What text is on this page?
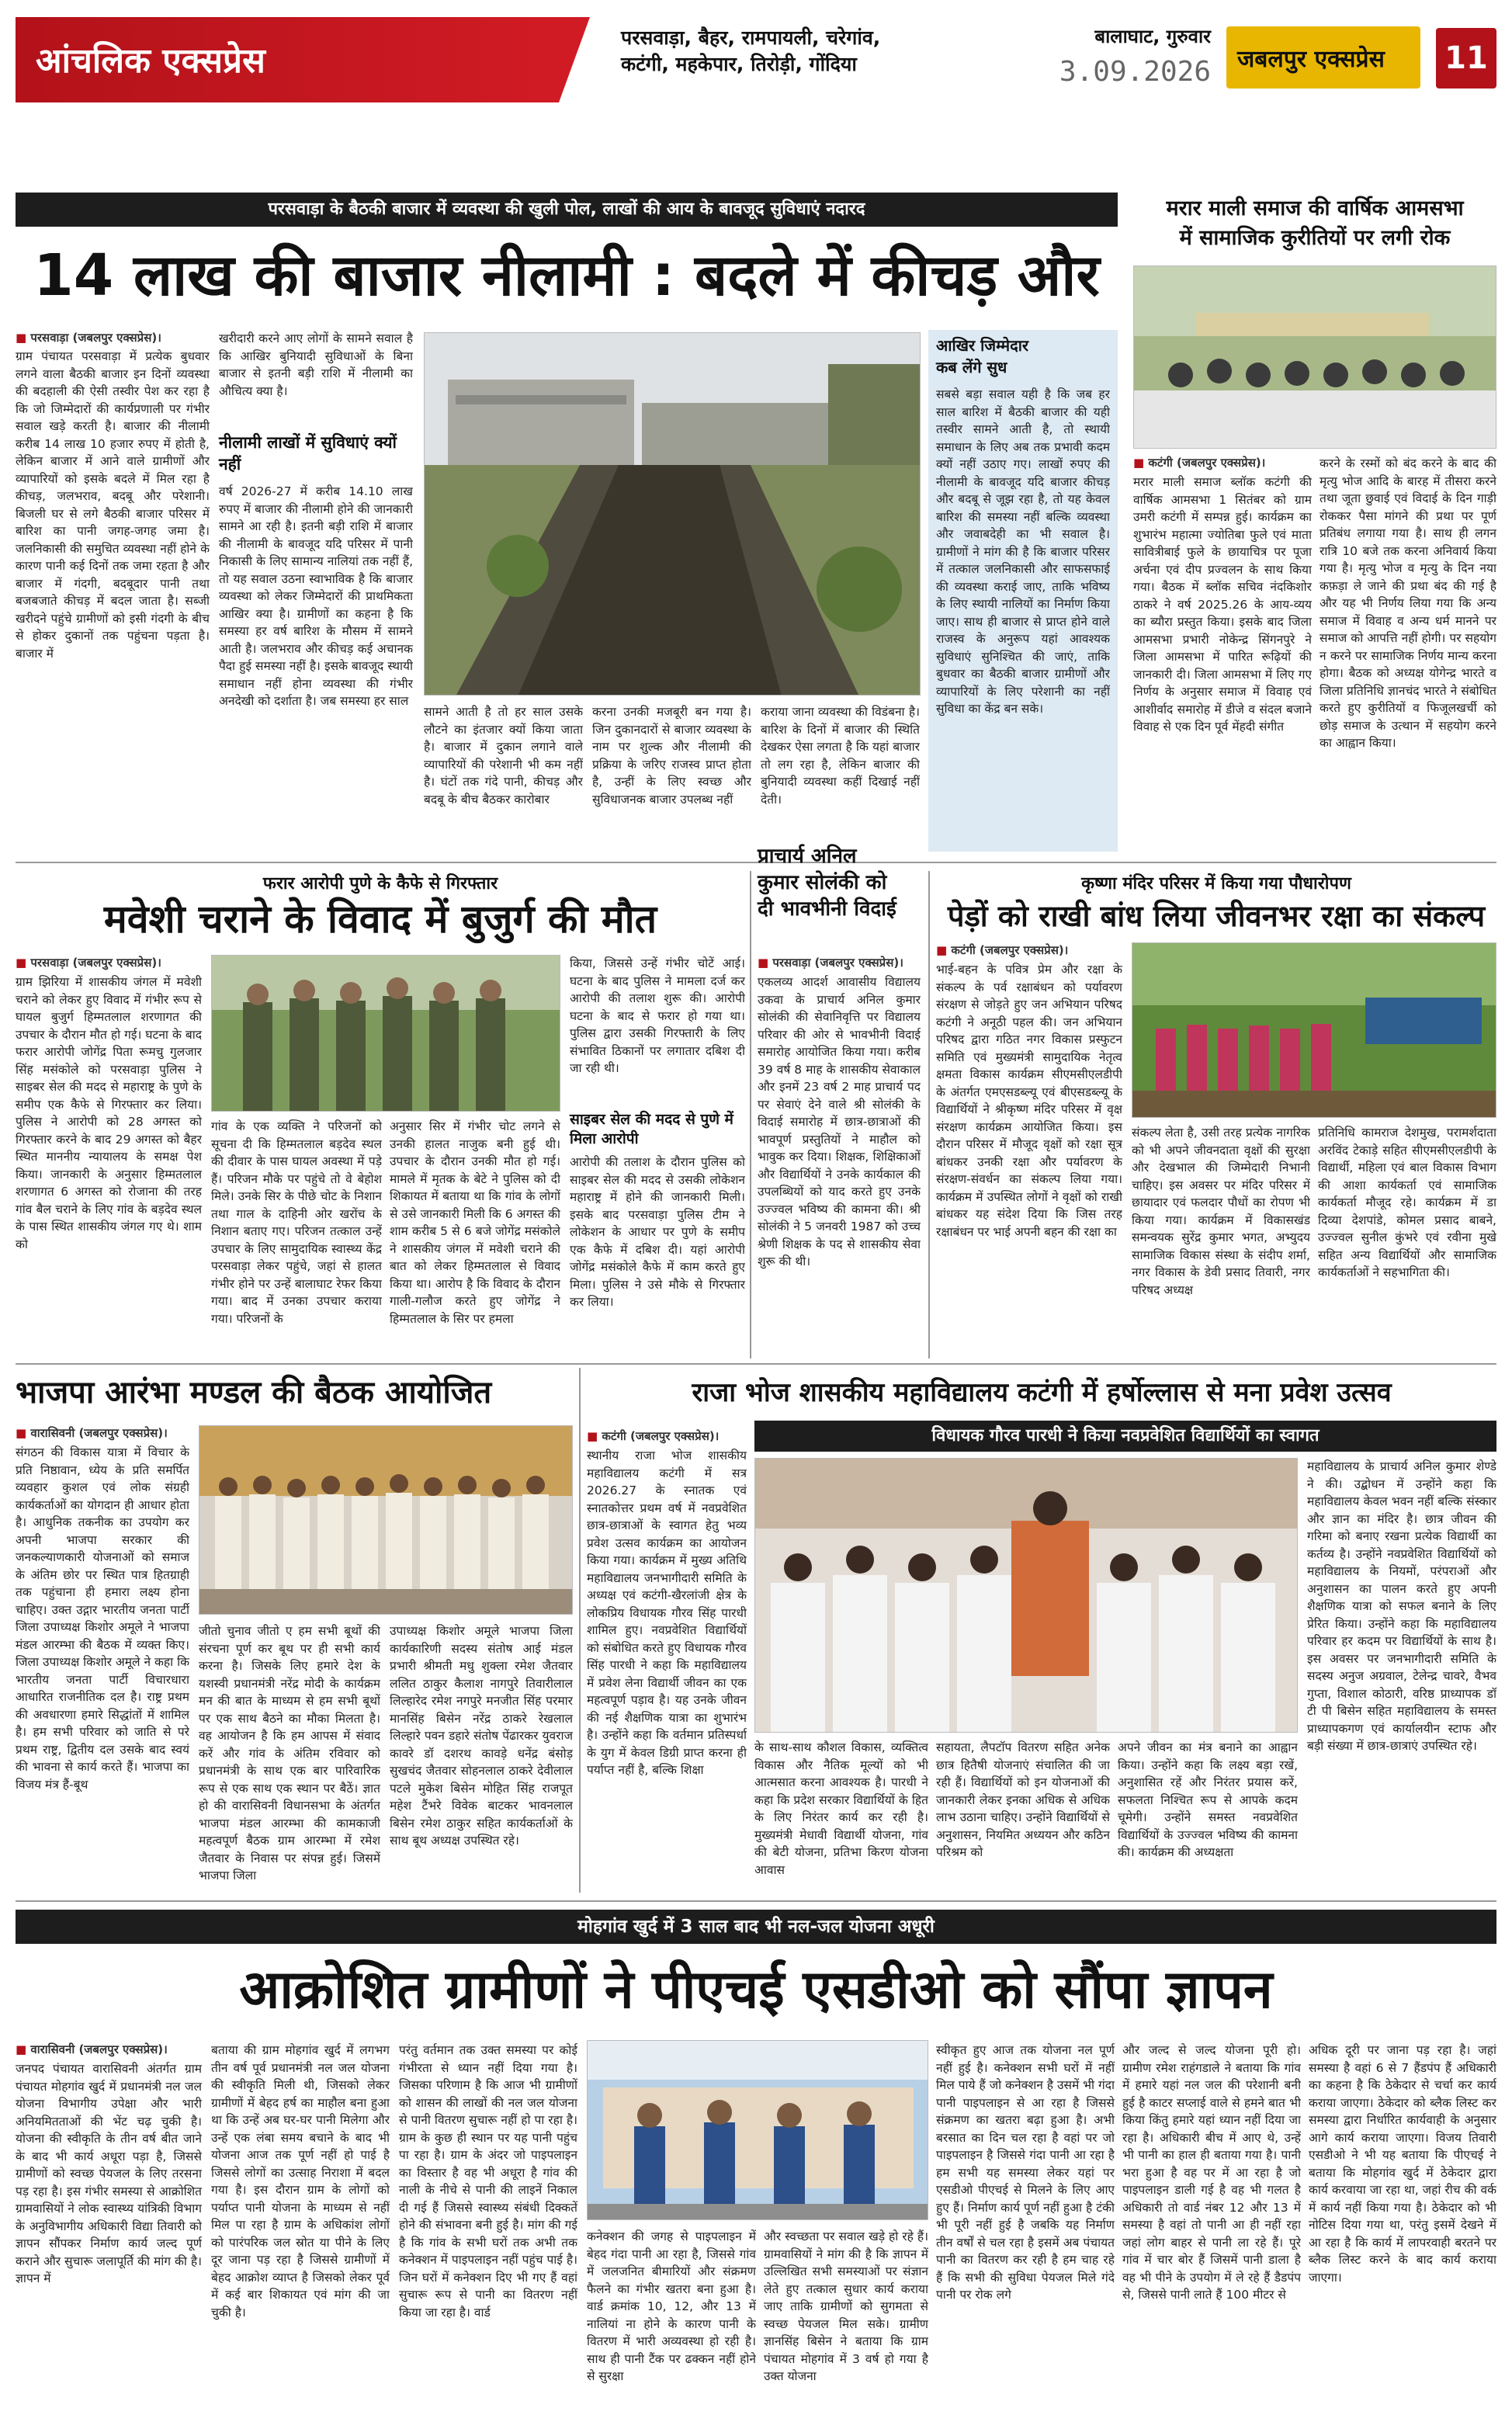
आंचलिक एक्सप्रेस
परसवाड़ा, बैहर, रामपायली, चरेगांव,
कटंगी, महकेपार, तिरोड़ी, गोंदिया
बालाघाट, गुरुवार
3.09.2026	जबलपुर एक्सप्रेस	11
परसवाड़ा के बैठकी बाजार में व्यवस्था की खुली पोल, लाखों की आय के बावजूद सुविधाएं नदारद
14 लाख की बाजार नीलामी : बदले में कीचड़ और
■ परसवाड़ा (जबलपुर एक्सप्रेस)।
ग्राम पंचायत परसवाड़ा में प्रत्येक बुधवार लगने वाला बैठकी बाजार इन दिनों व्यवस्था की बदहाली की ऐसी तस्वीर पेश कर रहा है कि जो जिम्मेदारों की कार्यप्रणाली पर गंभीर सवाल खड़े करती है। बाजार की नीलामी करीब 14 लाख 10 हजार रुपए में होती है, लेकिन बाजार में आने वाले ग्रामीणों और व्यापारियों को इसके बदले में मिल रहा है कीचड़, जलभराव, बदबू और परेशानी। बिजली घर से लगे बैठकी बाजार परिसर में बारिश का पानी जगह-जगह जमा है। जलनिकासी की समुचित व्यवस्था नहीं होने के कारण पानी कई दिनों तक जमा रहता है और बाजार में गंदगी, बदबूदार पानी तथा बजबजाते कीचड़ में बदल जाता है। सब्जी खरीदने पहुंचे ग्रामीणों को इसी गंदगी के बीच से होकर दुकानों तक पहुंचना पड़ता है। बाजार में
खरीदारी करने आए लोगों के सामने सवाल है कि आखिर बुनियादी सुविधाओं के बिना बाजार से इतनी बड़ी राशि में नीलामी का औचित्य क्या है।
नीलामी लाखों में सुविधाएं क्यों नहीं
वर्ष 2026-27 में करीब 14.10 लाख रुपए में बाजार की नीलामी होने की जानकारी सामने आ रही है। इतनी बड़ी राशि में बाजार की नीलामी के बावजूद यदि परिसर में पानी निकासी के लिए सामान्य नालियां तक नहीं हैं, तो यह सवाल उठना स्वाभाविक है कि बाजार व्यवस्था को लेकर जिम्मेदारों की प्राथमिकता आखिर क्या है। ग्रामीणों का कहना है कि समस्या हर वर्ष बारिश के मौसम में सामने आती है। जलभराव और कीचड़ कई अचानक पैदा हुई समस्या नहीं है। इसके बावजूद स्थायी समाधान नहीं होना व्यवस्था की गंभीर अनदेखी को दर्शाता है। जब समस्या हर साल
सामने आती है तो हर साल उसके लौटने का इंतजार क्यों किया जाता है। बाजार में दुकान लगाने वाले व्यापारियों की परेशानी भी कम नहीं है। घंटों तक गंदे पानी, कीचड़ और बदबू के बीच बैठकर कारोबार
करना उनकी मजबूरी बन गया है। जिन दुकानदारों से बाजार व्यवस्था के नाम पर शुल्क और नीलामी की प्रक्रिया के जरिए राजस्व प्राप्त होता है, उन्हीं के लिए स्वच्छ और सुविधाजनक बाजार उपलब्ध नहीं
कराया जाना व्यवस्था की विडंबना है। बारिश के दिनों में बाजार की स्थिति देखकर ऐसा लगता है कि यहां बाजार तो लग रहा है, लेकिन बाजार की बुनियादी व्यवस्था कहीं दिखाई नहीं देती।
आखिर जिम्मेदार
कब लेंगे सुध
सबसे बड़ा सवाल यही है कि जब हर साल बारिश में बैठकी बाजार की यही तस्वीर सामने आती है, तो स्थायी समाधान के लिए अब तक प्रभावी कदम क्यों नहीं उठाए गए। लाखों रुपए की नीलामी के बावजूद यदि बाजार कीचड़ और बदबू से जूझ रहा है, तो यह केवल बारिश की समस्या नहीं बल्कि व्यवस्था और जवाबदेही का भी सवाल है। ग्रामीणों ने मांग की है कि बाजार परिसर में तत्काल जलनिकासी और साफसफाई की व्यवस्था कराई जाए, ताकि भविष्य के लिए स्थायी नालियों का निर्माण किया जाए। साथ ही बाजार से प्राप्त होने वाले राजस्व के अनुरूप यहां आवश्यक सुविधाएं सुनिश्चित की जाएं, ताकि बुधवार का बैठकी बाजार ग्रामीणों और व्यापारियों के लिए परेशानी का नहीं सुविधा का केंद्र बन सके।
मरार माली समाज की वार्षिक आमसभा
में सामाजिक कुरीतियों पर लगी रोक
■ कटंगी (जबलपुर एक्सप्रेस)।
मरार माली समाज ब्लॉक कटंगी की वार्षिक आमसभा 1 सितंबर को ग्राम उमरी कटंगी में सम्पन्न हुई। कार्यक्रम का शुभारंभ महात्मा ज्योतिबा फुले एवं माता सावित्रीबाई फुले के छायाचित्र पर पूजा अर्चना एवं दीप प्रज्वलन के साथ किया गया। बैठक में ब्लॉक सचिव नंदकिशोर ठाकरे ने वर्ष 2025.26 के आय-व्यय का ब्यौरा प्रस्तुत किया। इसके बाद जिला आमसभा प्रभारी नोकेन्द्र सिंगनपुरे ने जिला आमसभा में पारित रूढ़ियों की जानकारी दी। जिला आमसभा में लिए गए निर्णय के अनुसार समाज में विवाह एवं आशीर्वाद समारोह में डीजे व संदल बजाने विवाह से एक दिन पूर्व मेंहदी संगीत
करने के रस्मों को बंद करने के बाद की मृत्यु भोज आदि के बारह में तीसरा करने तथा जूता छुवाई एवं विदाई के दिन गाड़ी रोककर पैसा मांगने की प्रथा पर पूर्ण प्रतिबंध लगाया गया है। साथ ही लगन रात्रि 10 बजे तक करना अनिवार्य किया गया है। मृत्यु भोज व मृत्यु के दिन नया कफ़ड़ा ले जाने की प्रथा बंद की गई है और यह भी निर्णय लिया गया कि अन्य समाज में विवाह व अन्य धर्म मानने पर समाज को आपत्ति नहीं होगी। पर सहयोग न करने पर सामाजिक निर्णय मान्य करना होगा। बैठक को अध्यक्ष योगेन्द्र भारते व जिला प्रतिनिधि ज्ञानचंद भारते ने संबोधित करते हुए कुरीतियों व फिजूलखर्ची को छोड़ समाज के उत्थान में सहयोग करने का आह्वान किया।
फरार आरोपी पुणे के कैफे से गिरफ्तार
मवेशी चराने के विवाद में बुजुर्ग की मौत
■ परसवाड़ा (जबलपुर एक्सप्रेस)।
ग्राम झिरिया में शासकीय जंगल में मवेशी चराने को लेकर हुए विवाद में गंभीर रूप से घायल बुजुर्ग हिम्मतलाल शरणागत की उपचार के दौरान मौत हो गई। घटना के बाद फरार आरोपी जोगेंद्र पिता रूमचु गुलजार सिंह मसंकोले को परसवाड़ा पुलिस ने साइबर सेल की मदद से महाराष्ट्र के पुणे के समीप एक कैफे से गिरफ्तार कर लिया। पुलिस ने आरोपी को 28 अगस्त को गिरफ्तार करने के बाद 29 अगस्त को बैहर स्थित माननीय न्यायालय के समक्ष पेश किया। जानकारी के अनुसार हिम्मतलाल शरणागत 6 अगस्त को रोजाना की तरह गांव बैल चराने के लिए गांव के बड़देव स्थल के पास स्थित शासकीय जंगल गए थे। शाम को
गांव के एक व्यक्ति ने परिजनों को सूचना दी कि हिम्मतलाल बड़देव स्थल की दीवार के पास घायल अवस्था में पड़े हैं। परिजन मौके पर पहुंचे तो वे बेहोश मिले। उनके सिर के पीछे चोट के निशान तथा गाल के दाहिनी ओर खरोंच के निशान बताए गए। परिजन तत्काल उन्हें उपचार के लिए सामुदायिक स्वास्थ्य केंद्र परसवाड़ा लेकर पहुंचे, जहां से हालत गंभीर होने पर उन्हें बालाघाट रेफर किया गया। बाद में उनका उपचार कराया गया। परिजनों के
अनुसार सिर में गंभीर चोट लगने से उनकी हालत नाजुक बनी हुई थी। उपचार के दौरान उनकी मौत हो गई। मामले में मृतक के बेटे ने पुलिस को दी शिकायत में बताया था कि गांव के लोगों से उसे जानकारी मिली कि 6 अगस्त की शाम करीब 5 से 6 बजे जोगेंद्र मसंकोले ने शासकीय जंगल में मवेशी चराने की बात को लेकर हिम्मतलाल से विवाद किया था। आरोप है कि विवाद के दौरान गाली-गलौज करते हुए जोगेंद्र ने हिम्मतलाल के सिर पर हमला
किया, जिससे उन्हें गंभीर चोटें आई। घटना के बाद पुलिस ने मामला दर्ज कर आरोपी की तलाश शुरू की। आरोपी घटना के बाद से फरार हो गया था। पुलिस द्वारा उसकी गिरफ्तारी के लिए संभावित ठिकानों पर लगातार दबिश दी जा रही थी।
साइबर सेल की मदद से पुणे में मिला आरोपी
आरोपी की तलाश के दौरान पुलिस को साइबर सेल की मदद से उसकी लोकेशन महाराष्ट्र में होने की जानकारी मिली। इसके बाद परसवाड़ा पुलिस टीम ने लोकेशन के आधार पर पुणे के समीप एक कैफे में दबिश दी। यहां आरोपी जोगेंद्र मसंकोले कैफे में काम करते हुए मिला। पुलिस ने उसे मौके से गिरफ्तार कर लिया।
प्राचार्य अनिल
कुमार सोलंकी को
दी भावभीनी विदाई
■ परसवाड़ा (जबलपुर एक्सप्रेस)।
एकलव्य आदर्श आवासीय विद्यालय उकवा के प्राचार्य अनिल कुमार सोलंकी की सेवानिवृत्ति पर विद्यालय परिवार की ओर से भावभीनी विदाई समारोह आयोजित किया गया। करीब 39 वर्ष 8 माह के शासकीय सेवाकाल और इनमें 23 वर्ष 2 माह प्राचार्य पद पर सेवाएं देने वाले श्री सोलंकी के विदाई समारोह में छात्र-छात्राओं की भावपूर्ण प्रस्तुतियों ने माहौल को भावुक कर दिया। शिक्षक, शिक्षिकाओं और विद्यार्थियों ने उनके कार्यकाल की उपलब्धियों को याद करते हुए उनके उज्ज्वल भविष्य की कामना की। श्री सोलंकी ने 5 जनवरी 1987 को उच्च श्रेणी शिक्षक के पद से शासकीय सेवा शुरू की थी।
कृष्णा मंदिर परिसर में किया गया पौधारोपण
पेड़ों को राखी बांध लिया जीवनभर रक्षा का संकल्प
■ कटंगी (जबलपुर एक्सप्रेस)।
भाई-बहन के पवित्र प्रेम और रक्षा के संकल्प के पर्व रक्षाबंधन को पर्यावरण संरक्षण से जोड़ते हुए जन अभियान परिषद कटंगी ने अनूठी पहल की। जन अभियान परिषद द्वारा गठित नगर विकास प्रस्फुटन समिति एवं मुख्यमंत्री सामुदायिक नेतृत्व क्षमता विकास कार्यक्रम सीएमसीएलडीपी के अंतर्गत एमएसडब्ल्यू एवं बीएसडब्ल्यू के विद्यार्थियों ने श्रीकृष्ण मंदिर परिसर में वृक्ष संरक्षण कार्यक्रम आयोजित किया। इस दौरान परिसर में मौजूद वृक्षों को रक्षा सूत्र बांधकर उनकी रक्षा और पर्यावरण के संरक्षण-संवर्धन का संकल्प लिया गया। कार्यक्रम में उपस्थित लोगों ने वृक्षों को राखी बांधकर यह संदेश दिया कि जिस तरह रक्षाबंधन पर भाई अपनी बहन की रक्षा का
संकल्प लेता है, उसी तरह प्रत्येक नागरिक को भी अपने जीवनदाता वृक्षों की सुरक्षा और देखभाल की जिम्मेदारी निभानी चाहिए। इस अवसर पर मंदिर परिसर में छायादार एवं फलदार पौधों का रोपण भी किया गया। कार्यक्रम में विकासखंड समन्वयक सुरेंद्र कुमार भगत, अभ्युदय सामाजिक विकास संस्था के संदीप शर्मा, नगर विकास के डेवी प्रसाद तिवारी, नगर परिषद अध्यक्ष
प्रतिनिधि कामराज देशमुख, परामर्शदाता अरविंद टेकाड़े सहित सीएमसीएलडीपी के विद्यार्थी, महिला एवं बाल विकास विभाग की आशा कार्यकर्ता एवं सामाजिक कार्यकर्ता मौजूद रहे। कार्यक्रम में डा दिव्या देशपांडे, कोमल प्रसाद बाबने, उज्ज्वल सुनील कुंभरे एवं रवीना मुखे सहित अन्य विद्यार्थियों और सामाजिक कार्यकर्ताओं ने सहभागिता की।
भाजपा आरंभा मण्डल की बैठक आयोजित
■ वारासिवनी (जबलपुर एक्सप्रेस)।
संगठन की विकास यात्रा में विचार के प्रति निष्ठावान, ध्येय के प्रति समर्पित व्यवहार कुशल एवं लोक संग्रही कार्यकर्ताओं का योगदान ही आधार होता है। आधुनिक तकनीक का उपयोग कर अपनी भाजपा सरकार की जनकल्याणकारी योजनाओं को समाज के अंतिम छोर पर स्थित पात्र हितग्राही तक पहुंचाना ही हमारा लक्ष्य होना चाहिए। उक्त उद्गार भारतीय जनता पार्टी जिला उपाध्यक्ष किशोर अमूले ने भाजपा मंडल आरम्भा की बैठक में व्यक्त किए। जिला उपाध्यक्ष किशोर अमूले ने कहा कि भारतीय जनता पार्टी विचारधारा आधारित राजनीतिक दल है। राष्ट्र प्रथम की अवधारणा हमारे सिद्धांतों में शामिल है। हम सभी परिवार को जाति से परे प्रथम राष्ट्र, द्वितीय दल उसके बाद स्वयं की भावना से कार्य करते हैं। भाजपा का विजय मंत्र हैं-बूथ
जीतो चुनाव जीतो ए हम सभी बूथों की संरचना पूर्ण कर बूथ पर ही सभी कार्य करना है। जिसके लिए हमारे देश के यशस्वी प्रधानमंत्री नरेंद्र मोदी के कार्यक्रम मन की बात के माध्यम से हम सभी बूथों पर एक साथ बैठने का मौका मिलता है। वह आयोजन है कि हम आपस में संवाद करें और गांव के अंतिम रविवार को प्रधानमंत्री के साथ एक बार पारिवारिक रूप से एक साथ एक स्थान पर बैठें। ज्ञात हो की वारासिवनी विधानसभा के अंतर्गत भाजपा मंडल आरम्भा की कामकाजी महत्वपूर्ण बैठक ग्राम आरम्भा में रमेश जैतवार के निवास पर संपन्न हुई। जिसमें भाजपा जिला
उपाध्यक्ष किशोर अमूले भाजपा जिला कार्यकारिणी सदस्य संतोष आई मंडल प्रभारी श्रीमती मधु शुक्ला रमेश जैतवार ललित ठाकुर कैलाश नागपुरे तिवारीलाल लिल्हारेद रमेश नगपुरे मनजीत सिंह परमार मानसिंह बिसेन नरेंद्र ठाकरे रेखलाल लिल्हारे पवन डहारे संतोष पेंढारकर युवराज कावरे डॉ दशरथ कावड़े धनेंद्र बंसोड़ सुखचंद जैतवार सोहनलाल ठाकरे देवीलाल पटले मुकेश बिसेन मोहित सिंह राजपूत महेश टैंभरे विवेक बाटकर भावनलाल बिसेन रमेश ठाकुर सहित कार्यकर्ताओं के साथ बूथ अध्यक्ष उपस्थित रहे।
राजा भोज शासकीय महाविद्यालय कटंगी में हर्षोल्लास से मना प्रवेश उत्सव
विधायक गौरव पारधी ने किया नवप्रवेशित विद्यार्थियों का स्वागत
■ कटंगी (जबलपुर एक्सप्रेस)।
स्थानीय राजा भोज शासकीय महाविद्यालय कटंगी में सत्र 2026.27 के स्नातक एवं स्नातकोत्तर प्रथम वर्ष में नवप्रवेशित छात्र-छात्राओं के स्वागत हेतु भव्य प्रवेश उत्सव कार्यक्रम का आयोजन किया गया। कार्यक्रम में मुख्य अतिथि महाविद्यालय जनभागीदारी समिति के अध्यक्ष एवं कटंगी-खैरलांजी क्षेत्र के लोकप्रिय विधायक गौरव सिंह पारधी शामिल हुए। नवप्रवेशित विद्यार्थियों को संबोधित करते हुए विधायक गौरव सिंह पारधी ने कहा कि महाविद्यालय में प्रवेश लेना विद्यार्थी जीवन का एक महत्वपूर्ण पड़ाव है। यह उनके जीवन की नई शैक्षणिक यात्रा का शुभारंभ है। उन्होंने कहा कि वर्तमान प्रतिस्पर्धा के युग में केवल डिग्री प्राप्त करना ही पर्याप्त नहीं है, बल्कि शिक्षा
के साथ-साथ कौशल विकास, व्यक्तित्व विकास और नैतिक मूल्यों को भी आत्मसात करना आवश्यक है। पारधी ने कहा कि प्रदेश सरकार विद्यार्थियों के हित के लिए निरंतर कार्य कर रही है। मुख्यमंत्री मेधावी विद्यार्थी योजना, गांव की बेटी योजना, प्रतिभा किरण योजना आवास
सहायता, लैपटॉप वितरण सहित अनेक छात्र हितैषी योजनाएं संचालित की जा रही हैं। विद्यार्थियों को इन योजनाओं की जानकारी लेकर इनका अधिक से अधिक लाभ उठाना चाहिए। उन्होंने विद्यार्थियों से अनुशासन, नियमित अध्ययन और कठिन परिश्रम को
अपने जीवन का मंत्र बनाने का आह्वान किया। उन्होंने कहा कि लक्ष्य बड़ा रखें, अनुशासित रहें और निरंतर प्रयास करें, सफलता निश्चित रूप से आपके कदम चूमेगी। उन्होंने समस्त नवप्रवेशित विद्यार्थियों के उज्ज्वल भविष्य की कामना की। कार्यक्रम की अध्यक्षता
महाविद्यालय के प्राचार्य अनिल कुमार शेण्डे ने की। उद्बोधन में उन्होंने कहा कि महाविद्यालय केवल भवन नहीं बल्कि संस्कार और ज्ञान का मंदिर है। छात्र जीवन की गरिमा को बनाए रखना प्रत्येक विद्यार्थी का कर्तव्य है। उन्होंने नवप्रवेशित विद्यार्थियों को महाविद्यालय के नियमों, परंपराओं और अनुशासन का पालन करते हुए अपनी शैक्षणिक यात्रा को सफल बनाने के लिए प्रेरित किया। उन्होंने कहा कि महाविद्यालय परिवार हर कदम पर विद्यार्थियों के साथ है। इस अवसर पर जनभागीदारी समिति के सदस्य अनुज अग्रवाल, टेलेन्द्र चावरे, वैभव गुप्ता, विशाल कोठारी, वरिष्ठ प्राध्यापक डॉ टी पी बिसेन सहित महाविद्यालय के समस्त प्राध्यापकगण एवं कार्यालयीन स्टाफ और बड़ी संख्या में छात्र-छात्राएं उपस्थित रहे।
मोहगांव खुर्द में 3 साल बाद भी नल-जल योजना अधूरी
आक्रोशित ग्रामीणों ने पीएचई एसडीओ को सौंपा ज्ञापन
■ वारासिवनी (जबलपुर एक्सप्रेस)।
जनपद पंचायत वारासिवनी अंतर्गत ग्राम पंचायत मोहगांव खुर्द में प्रधानमंत्री नल जल योजना विभागीय उपेक्षा और भारी अनियमितताओं की भेंट चढ़ चुकी है। योजना की स्वीकृति के तीन वर्ष बीत जाने के बाद भी कार्य अधूरा पड़ा है, जिससे ग्रामीणों को स्वच्छ पेयजल के लिए तरसना पड़ रहा है। इस गंभीर समस्या से आक्रोशित ग्रामवासियों ने लोक स्वास्थ्य यांत्रिकी विभाग के अनुविभागीय अधिकारी विद्या तिवारी को ज्ञापन सौंपकर निर्माण कार्य जल्द पूर्ण कराने और सुचारू जलापूर्ति की मांग की है। ज्ञापन में
बताया की ग्राम मोहगांव खुर्द में लगभग तीन वर्ष पूर्व प्रधानमंत्री नल जल योजना की स्वीकृति मिली थी, जिसको लेकर ग्रामीणों में बेहद हर्ष का माहौल बना हुआ था कि उन्हें अब घर-घर पानी मिलेगा और उन्हें एक लंबा समय बचाने के बाद भी योजना आज तक पूर्ण नहीं हो पाई है जिससे लोगों का उत्साह निराशा में बदल गया है। इस दौरान ग्राम के लोगों को पर्याप्त पानी योजना के माध्यम से नहीं मिल पा रहा है ग्राम के अधिकांश लोगों को पारंपरिक जल स्रोत या पीने के लिए दूर जाना पड़ रहा है जिससे ग्रामीणों में बेहद आक्रोश व्याप्त है जिसको लेकर पूर्व में कई बार शिकायत एवं मांग की जा चुकी है।
परंतु वर्तमान तक उक्त समस्या पर कोई गंभीरता से ध्यान नहीं दिया गया है। जिसका परिणाम है कि आज भी ग्रामीणों को शासन की लाखों की नल जल योजना से पानी वितरण सुचारू नहीं हो पा रहा है। ग्राम के कुछ ही स्थान पर यह पानी पहुंच पा रहा है। ग्राम के अंदर जो पाइपलाइन का विस्तार है वह भी अधूरा है गांव की नाली के नीचे से पानी की लाइनें निकाल दी गई हैं जिससे स्वास्थ्य संबंधी दिक्कतें होने की संभावना बनी हुई है। मांग की गई है कि गांव के सभी घरों तक अभी तक कनेक्शन में पाइपलाइन नहीं पहुंच पाई है। जिन घरों में कनेक्शन दिए भी गए हैं वहां सुचारू रूप से पानी का वितरण नहीं किया जा रहा है। वार्ड
कनेक्शन की जगह से पाइपलाइन में बेहद गंदा पानी आ रहा है, जिससे गांव में जलजनित बीमारियों और संक्रमण फैलने का गंभीर खतरा बना हुआ है। वार्ड क्रमांक 10, 12, और 13 में नालियां ना होने के कारण पानी के वितरण में भारी अव्यवस्था हो रही है। साथ ही पानी टैंक पर ढक्कन नहीं होने से सुरक्षा
और स्वच्छता पर सवाल खड़े हो रहे हैं। ग्रामवासियों ने मांग की है कि ज्ञापन में उल्लिखित सभी समस्याओं पर संज्ञान लेते हुए तत्काल सुधार कार्य कराया जाए ताकि ग्रामीणों को सुगमता से स्वच्छ पेयजल मिल सके। ग्रामीण ज्ञानसिंह बिसेन ने बताया कि ग्राम पंचायत मोहगांव में 3 वर्ष हो गया है उक्त योजना
स्वीकृत हुए आज तक योजना नल पूर्ण नहीं हुई है। कनेक्शन सभी घरों में नहीं मिल पाये हैं जो कनेक्शन है उसमें भी गंदा पानी पाइपलाइन से आ रहा है जिससे संक्रमण का खतरा बढ़ा हुआ है। अभी बरसात का दिन चल रहा है वहां पर जो पाइपलाइन है जिससे गंदा पानी आ रहा है हम सभी यह समस्या लेकर यहां पर एसडीओ पीएचई से मिलने के लिए आए हुए हैं। निर्माण कार्य पूर्ण नहीं हुआ है टंकी भी पूरी नहीं हुई है जबकि यह निर्माण तीन वर्षों से चल रहा है इसमें अब पंचायत पानी का वितरण कर रही है हम चाह रहे हैं कि सभी की सुविधा पेयजल मिले गंदे पानी पर रोक लगे
और जल्द से जल्द योजना पूरी हो। ग्रामीण रमेश राहंगडाले ने बताया कि गांव में हमारे यहां नल जल की परेशानी बनी हुई है काटर सप्लाई वाले से हमने बात भी किया किंतु हमारे यहां ध्यान नहीं दिया जा रहा है। अधिकारी बीच में आए थे, उन्हें भी पानी का हाल ही बताया गया है। पानी भरा हुआ है वह पर में आ रहा है जो पाइपलाइन डाली गई है वह भी गलत है अधिकारी तो वार्ड नंबर 12 और 13 में समस्या है वहां तो पानी आ ही नहीं रहा जहां लोग बाहर से पानी ला रहे हैं। पूरे गांव में चार बोर हैं जिसमें पानी डाला है वह भी पीने के उपयोग में ले रहे हैं डैडपंप से, जिससे पानी लाते हैं 100 मीटर से
अधिक दूरी पर जाना पड़ रहा है। जहां समस्या है वहां 6 से 7 हैंडपंप हैं अधिकारी का कहना है कि ठेकेदार से चर्चा कर कार्य कराया जाएगा। ठेकेदार को ब्लैक लिस्ट कर समस्या द्वारा निर्धारित कार्यवाही के अनुसार आगे कार्य कराया जाएगा। विजय तिवारी एसडीओ ने भी यह बताया कि पीएचई ने बताया कि मोहगांव खुर्द में ठेकेदार द्वारा कार्य करवाया जा रहा था, जहां रीच की वर्क में कार्य नहीं किया गया है। ठेकेदार को भी नोटिस दिया गया था, परंतु इसमें देखने में आ रहा है कि कार्य में लापरवाही बरतने पर ब्लैक लिस्ट करने के बाद कार्य कराया जाएगा।
